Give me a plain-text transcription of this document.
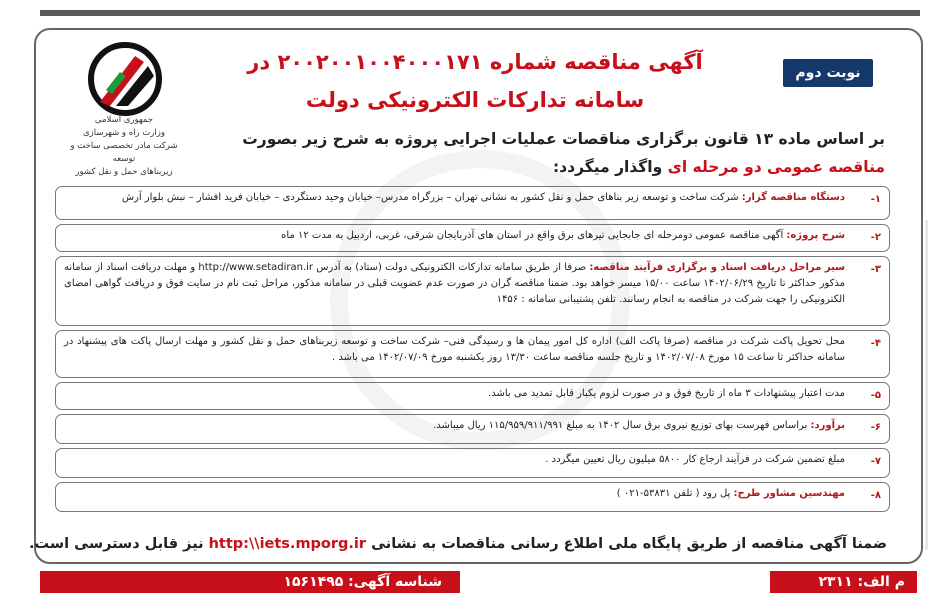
جمهوری اسلامی
وزارت راه و شهرسازی
شرکت مادر تخصصی ساخت و توسعه
زیربناهای حمل و نقل کشور
آگهی مناقصه شماره ۲۰۰۲۰۰۱۰۰۴۰۰۰۱۷۱ در
سامانه تدارکات الکترونیکی دولت
نوبت دوم
بر اساس ماده ۱۳ قانون برگزاری مناقصات عملیات اجرایی پروژه به شرح زیر بصورت
مناقصه عمومی دو مرحله ای واگذار میگردد:
۱-
دستگاه مناقصه گزار: شرکت ساخت و توسعه زیر بناهای حمل و نقل کشور به نشانی تهران – بزرگراه مدرس– خیابان وحید دستگردی – خیابان فرید افشار – نبش بلوار آرش
۲-
شرح پروژه: آگهی مناقصه عمومی دومرحله ای جابجایی تیرهای برق واقع در استان های آذربایجان شرقی، غربی، اردبیل به مدت ۱۲ ماه
۳-
سیر مراحل دریافت اسناد و برگزاری فرآیند مناقصه: صرفا از طریق سامانه تدارکات الکترونیکی دولت (ستاد) به آدرس http://www.setadiran.ir و مهلت دریافت اسناد از سامانه مذکور حداکثر تا تاریخ ۱۴۰۲/۰۶/۲۹ ساعت ۱۵/۰۰ میسر خواهد بود. ضمنا مناقصه گران در صورت عدم عضویت قبلی در سامانه مذکور، مراحل ثبت نام در سایت فوق و دریافت گواهی امضای الکترونیکی را جهت شرکت در مناقصه به انجام رسانند. تلفن پشتیبانی سامانه : ۱۴۵۶
۴-
محل تحویل پاکت شرکت در مناقصه (صرفا پاکت الف) اداره کل امور پیمان ها و رسیدگی فنی– شرکت ساخت و توسعه زیربناهای حمل و نقل کشور و مهلت ارسال پاکت های پیشنهاد در سامانه حداکثر تا ساعت ۱۵ مورخ ۱۴۰۲/۰۷/۰۸ و تاریخ جلسه مناقصه ساعت ۱۳/۳۰ روز یکشنبه مورخ ۱۴۰۲/۰۷/۰۹ می باشد .
۵-
مدت اعتبار پیشنهادات ۳ ماه از تاریخ فوق و در صورت لزوم یکبار قابل تمدید می باشد.
۶-
برآورد: براساس فهرست بهای توزیع نیروی برق سال ۱۴۰۲ به مبلغ ۱۱۵/۹۵۹/۹۱۱/۹۹۱ ریال میباشد.
۷-
مبلغ تضمین شرکت در فرآیند ارجاع کار ۵۸۰۰ میلیون ریال تعیین میگردد .
۸-
مهندسین مشاور طرح: پل رود ( تلفن ۵۳۸۳۱-۰۲۱ )
ضمنا آگهی مناقصه از طریق پایگاه ملی اطلاع رسانی مناقصات به نشانی http:\\iets.mporg.ir نیز قابل دسترسی است.
شناسه آگهی: ۱۵۶۱۴۹۵	م الف: ۲۳۱۱
